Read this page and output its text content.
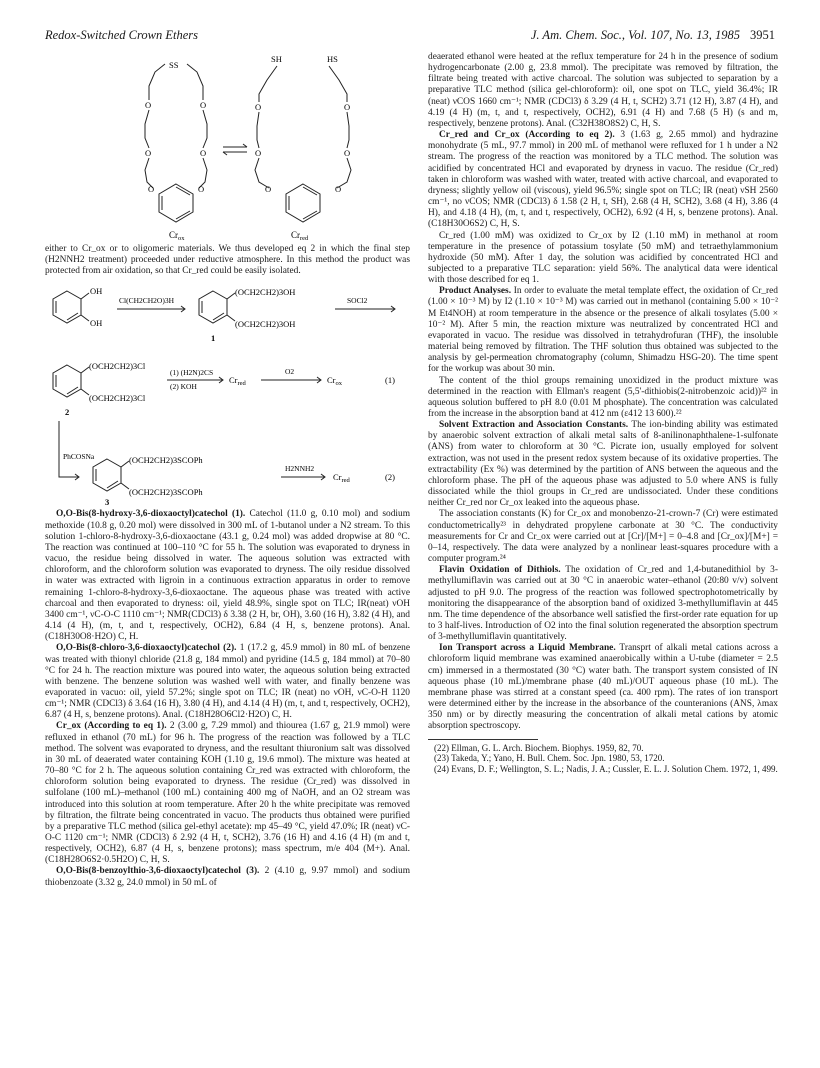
Redox-Switched Crown Ethers	J. Am. Chem. Soc., Vol. 107, No. 13, 1985 3951
SS
O	O
O	O
O	O
SH	HS
O	O
O	O
O	O
$Cr_{ox}$	$Cr_{red}$

either to Cr_ox or to oligomeric materials. We thus developed eq 2 in which the final step (H2NNH2 treatment) proceeded under reductive atmosphere. In this method the product was protected from air oxidation, so that Cr_red could be easily isolated.

OH
OH
Cl(CH2CH2O)3H
(OCH2CH2)3OH
(OCH2CH2)3OH
1
SOCl2
(OCH2CH2)3Cl
(OCH2CH2)3Cl
2
(1) (H2N)2CS
(2) KOH
$Cr_{red}$
O2
$Cr_{ox}$	(1)
PhCOSNa	(OCH2CH2)3SCOPh
(OCH2CH2)3SCOPh
3
H2NNH2
$Cr_{red}$	(2)

O,O-Bis(8-hydroxy-3,6-dioxaoctyl)catechol (1). Catechol (11.0 g, 0.10 mol) and sodium methoxide (10.8 g, 0.20 mol) were dissolved in 300 mL of 1-butanol under a N2 stream. To this solution 1-chloro-8-hydroxy-3,6-dioxaoctane (43.1 g, 0.24 mol) was added dropwise at 80 °C. The reaction was continued at 100–110 °C for 55 h. The solution was evaporated to dryness in vacuo, the residue being dissolved in water. The aqueous solution was extracted with chloroform, and the chloroform solution was evaporated to dryness. The oily residue dissolved in water was extracted with ligroin in a continuous extraction apparatus in order to remove remaining 1-chloro-8-hydroxy-3,6-dioxaoctane. The aqueous phase was treated with active charcoal and then evaporated to dryness: oil, yield 48.9%, single spot on TLC; IR(neat) νOH 3400 cm⁻¹, νC-O-C 1110 cm⁻¹; NMR(CDCl3) δ 3.38 (2 H, br, OH), 3.60 (16 H), 3.82 (4 H), and 4.14 (4 H), (m, t, and t, respectively, OCH2), 6.84 (4 H, s, benzene protons). Anal. (C18H30O8·H2O) C, H.

O,O-Bis(8-chloro-3,6-dioxaoctyl)catechol (2). 1 (17.2 g, 45.9 mmol) in 80 mL of benzene was treated with thionyl chloride (21.8 g, 184 mmol) and pyridine (14.5 g, 184 mmol) at 70–80 °C for 24 h. The reaction mixture was poured into water, the aqueous solution being extracted with benzene. The benzene solution was washed well with water, and finally benzene was evaporated in vacuo: oil, yield 57.2%; single spot on TLC; IR (neat) no νOH, νC-O-H 1120 cm⁻¹; NMR (CDCl3) δ 3.64 (16 H), 3.80 (4 H), and 4.14 (4 H) (m, t, and t, respectively, OCH2), 6.87 (4 H, s, benzene protons). Anal. (C18H28O6Cl2·H2O) C, H.

Cr_ox (According to eq 1). 2 (3.00 g, 7.29 mmol) and thiourea (1.67 g, 21.9 mmol) were refluxed in ethanol (70 mL) for 96 h. The progress of the reaction was followed by a TLC method. The solvent was evaporated to dryness, and the resultant thiuronium salt was dissolved in 30 mL of deaerated water containing KOH (1.10 g, 19.6 mmol). The mixture was heated at 70–80 °C for 2 h. The aqueous solution containing Cr_red was extracted with chloroform, the chloroform solution being evaporated to dryness. The residue (Cr_red) was dissolved in sulfolane (100 mL)–methanol (100 mL) containing 400 mg of NaOH, and an O2 stream was introduced into this solution at room temperature. After 20 h the white precipitate was removed by filtration, the filtrate being concentrated in vacuo. The products thus obtained were purified by a preparative TLC method (silica gel-ethyl acetate): mp 45–49 °C, yield 47.0%; IR (neat) νC-O-C 1120 cm⁻¹; NMR (CDCl3) δ 2.92 (4 H, t, SCH2), 3.76 (16 H) and 4.16 (4 H) (m and t, respectively, OCH2), 6.87 (4 H, s, benzene protons); mass spectrum, m/e 404 (M+). Anal. (C18H28O6S2·0.5H2O) C, H, S.

O,O-Bis(8-benzoylthio-3,6-dioxaoctyl)catechol (3). 2 (4.10 g, 9.97 mmol) and sodium thiobenzoate (3.32 g, 24.0 mmol) in 50 mL of

deaerated ethanol were heated at the reflux temperature for 24 h in the presence of sodium hydrogencarbonate (2.00 g, 23.8 mmol). The precipitate was removed by filtration, the filtrate being treated with active charcoal. The solution was subjected to separation by a preparative TLC method (silica gel-chloroform): oil, one spot on TLC, yield 36.4%; IR (neat) νCOS 1660 cm⁻¹; NMR (CDCl3) δ 3.29 (4 H, t, SCH2) 3.71 (12 H), 3.87 (4 H), and 4.19 (4 H) (m, t, and t, respectively, OCH2), 6.91 (4 H) and 7.68 (5 H) (s and m, respectively, benzene protons). Anal. (C32H38O8S2) C, H, S.

Cr_red and Cr_ox (According to eq 2). 3 (1.63 g, 2.65 mmol) and hydrazine monohydrate (5 mL, 97.7 mmol) in 200 mL of methanol were refluxed for 1 h under a N2 stream. The progress of the reaction was monitored by a TLC method. The solution was acidified by concentrated HCl and evaporated by dryness in vacuo. The residue (Cr_red) taken in chloroform was washed with water, treated with active charcoal, and evaporated to dryness; slightly yellow oil (viscous), yield 96.5%; single spot on TLC; IR (neat) νSH 2560 cm⁻¹, no νCOS; NMR (CDCl3) δ 1.58 (2 H, t, SH), 2.68 (4 H, SCH2), 3.68 (4 H), 3.86 (4 H), and 4.18 (4 H), (m, t, and t, respectively, OCH2), 6.92 (4 H, s, benzene protons). Anal. (C18H30O6S2) C, H, S.

Cr_red (1.00 mM) was oxidized to Cr_ox by I2 (1.10 mM) in methanol at room temperature in the presence of potassium tosylate (50 mM) and tetraethylammonium hydroxide (50 mM). After 1 day, the solution was acidified by concentrated HCl and subjected to a preparative TLC separation: yield 56%. The analytical data were identical with those described for eq 1.

Product Analyses. In order to evaluate the metal template effect, the oxidation of Cr_red (1.00 × 10⁻³ M) by I2 (1.10 × 10⁻³ M) was carried out in methanol (containing 5.00 × 10⁻² M Et4NOH) at room temperature in the absence or the presence of alkali tosylates (5.00 × 10⁻² M). After 5 min, the reaction mixture was neutralized by concentrated HCl and evaporated in vacuo. The residue was dissolved in tetrahydrofuran (THF), the insoluble material being removed by filtration. The THF solution thus obtained was subjected to the analysis by gel-permeation chromatography (column, Shimadzu HSG-20). The time spent for the workup was about 30 min.

The content of the thiol groups remaining unoxidized in the product mixture was determined in the reaction with Ellman's reagent (5,5'-dithiobis(2-nitrobenzoic acid))²² in aqueous solution buffered to pH 8.0 (0.01 M phosphate). The concentration was calculated from the increase in the absorption band at 412 nm (ε412 13 600).²²

Solvent Extraction and Association Constants. The ion-binding ability was estimated by anaerobic solvent extraction of alkali metal salts of 8-anilinonaphthalene-1-sulfonate (ANS) from water to chloroform at 30 °C. Picrate ion, usually employed for solvent extraction, was not used in the present redox system because of its oxidative properties. The extractability (Ex %) was determined by the partition of ANS between the aqueous and the chloroform phase. The pH of the aqueous phase was adjusted to 5.0 where ANS is fully dissociated while the thiol groups in Cr_red are undissociated. Under these conditions neither Cr_red nor Cr_ox leaked into the aqueous phase.

The association constants (K) for Cr_ox and monobenzo-21-crown-7 (Cr) were estimated conductometrically²³ in dehydrated propylene carbonate at 30 °C. The conductivity measurements for Cr and Cr_ox were carried out at [Cr]/[M+] = 0–4.8 and [Cr_ox]/[M+] = 0–14, respectively. The data were analyzed by a nonlinear least-squares procedure with a computer program.²⁴

Flavin Oxidation of Dithiols. The oxidation of Cr_red and 1,4-butanedithiol by 3-methyllumiflavin was carried out at 30 °C in anaerobic water–ethanol (20:80 v/v) solvent adjusted to pH 9.0. The progress of the reaction was followed spectrophotometrically by monitoring the disappearance of the absorption band of oxidized 3-methyllumiflavin at 445 nm. The time dependence of the absorbance well satisfied the first-order rate equation for up to 3 half-lives. Introduction of O2 into the final solution regenerated the absorption spectrum of 3-methyllumiflavin quantitatively.

Ion Transport across a Liquid Membrane. Transprt of alkali metal cations across a chloroform liquid membrane was examined anaerobically within a U-tube (diameter = 2.5 cm) immersed in a thermostated (30 °C) water bath. The transport system consisted of IN aqueous phase (10 mL)/membrane phase (40 mL)/OUT aqueous phase (10 mL). The membrane phase was stirred at a constant speed (ca. 400 rpm). The rates of ion transport were determined either by the increase in the absorbance of the counteranions (ANS, λmax 350 nm) or by directly measuring the concentration of alkali metal cations by atomic absorption spectroscopy.

(22) Ellman, G. L. Arch. Biochem. Biophys. 1959, 82, 70.
(23) Takeda, Y.; Yano, H. Bull. Chem. Soc. Jpn. 1980, 53, 1720.
(24) Evans, D. F.; Wellington, S. L.; Nadis, J. A.; Cussler, E. L. J. Solution Chem. 1972, 1, 499.
